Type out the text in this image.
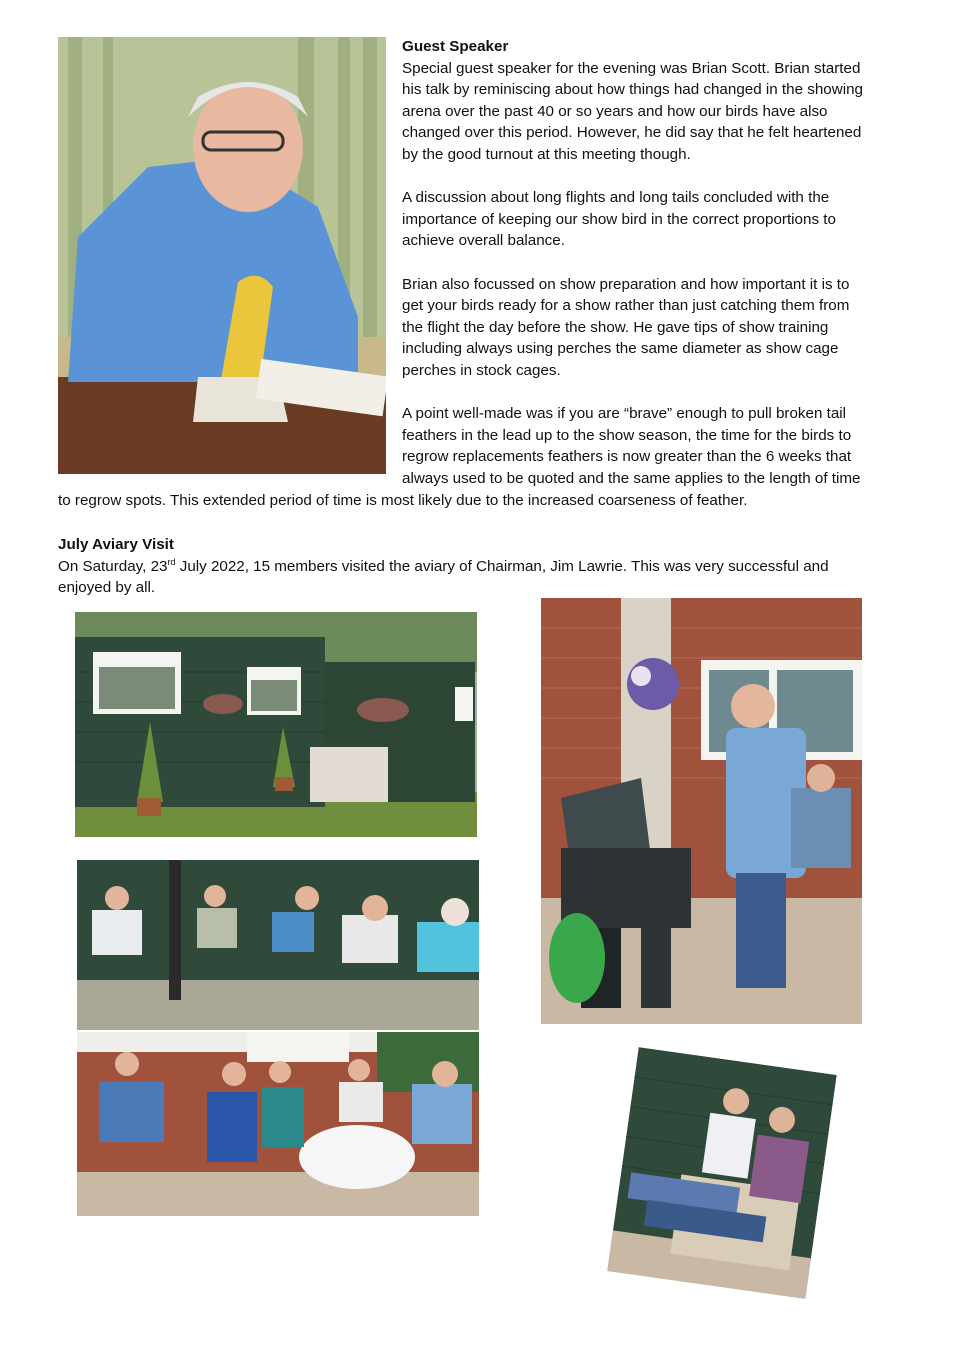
Guest Speaker
Special guest speaker for the evening was Brian Scott. Brian started
his talk by reminiscing about how things had changed in the showing
arena over the past 40 or so years and how our birds have also
changed over this period. However, he did say that he felt heartened
by the good turnout at this meeting though.
A discussion about long flights and long tails concluded with the
importance of keeping our show bird in the correct proportions to
achieve overall balance.
Brian also focussed on show preparation and how important it is to
get your birds ready for a show rather than just catching them from
the flight the day before the show. He gave tips of show training
including always using perches the same diameter as show cage
perches in stock cages.
A point well-made was if you are “brave” enough to pull broken tail
feathers in the lead up to the show season, the time for the birds to
regrow replacements feathers is now greater than the 6 weeks that
always used to be quoted and the same applies to the length of time
to regrow spots. This extended period of time is most likely due to the increased coarseness of feather.
July Aviary Visit
On Saturday, 23rd July 2022, 15 members visited the aviary of Chairman, Jim Lawrie. This was very successful and
enjoyed by all.
